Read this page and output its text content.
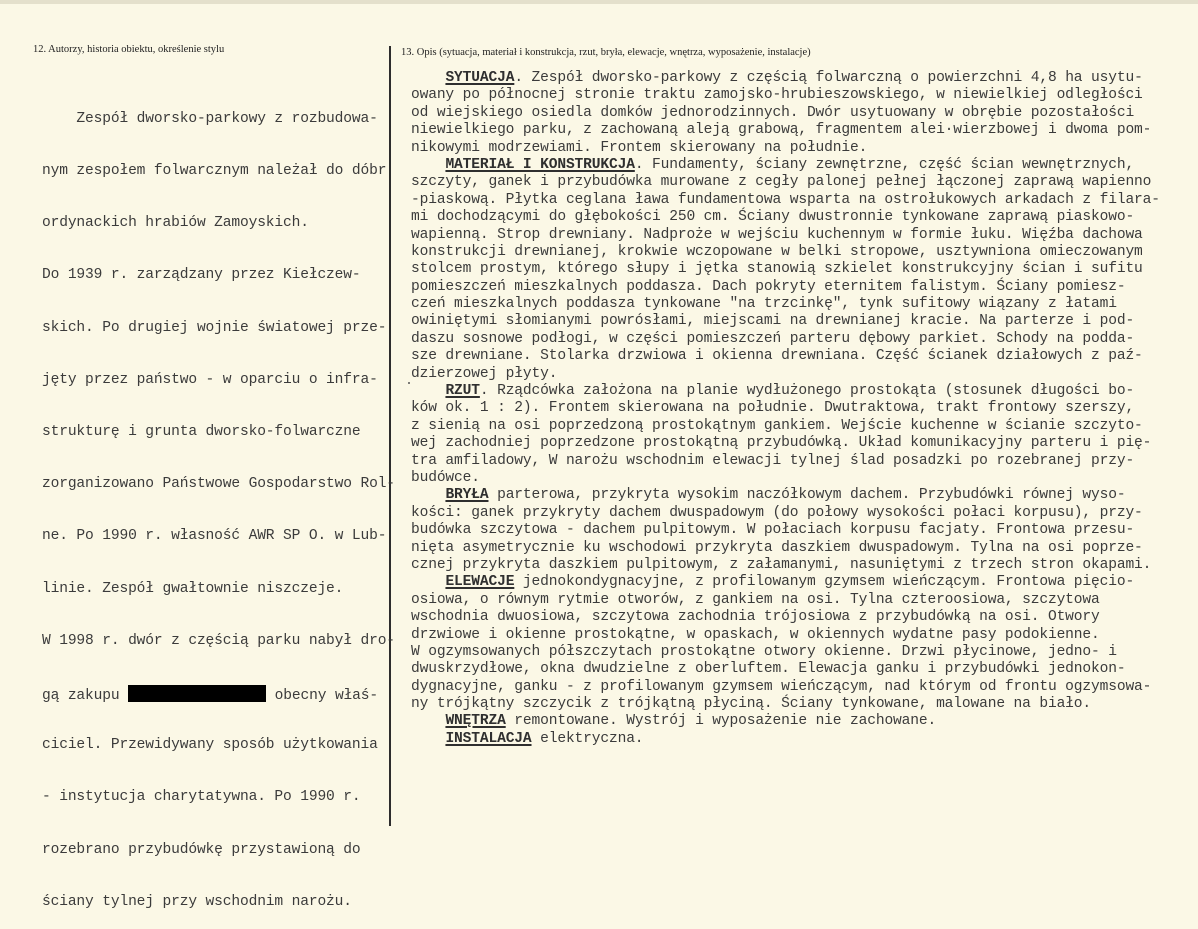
12. Autorzy, historia obiektu, określenie stylu	13. Opis (sytuacja, materiał i konstrukcja, rzut, bryła, elewacje, wnętrza, wyposażenie, instalacje)

Zespół dworsko-parkowy z rozbudowa-

nym zespołem folwarcznym należał do dóbr

ordynackich hrabiów Zamoyskich.

Do 1939 r. zarządzany przez Kiełczew-

skich. Po drugiej wojnie światowej prze-

jęty przez państwo - w oparciu o infra-

strukturę i grunta dworsko-folwarczne

zorganizowano Państwowe Gospodarstwo Rol-

ne. Po 1990 r. własność AWR SP O. w Lub-

linie. Zespół gwałtownie niszczeje.

W 1998 r. dwór z częścią parku nabył dro-

gą zakupu	obecny właś-

ciciel. Przewidywany sposób użytkowania

- instytucja charytatywna. Po 1990 r.

rozebrano przybudówkę przystawioną do

ściany tylnej przy wschodnim narożu.

SYTUACJA. Zespół dworsko-parkowy z częścią folwarczną o powierzchni 4,8 ha usytu-
owany po północnej stronie traktu zamojsko-hrubieszowskiego, w niewielkiej odległości
od wiejskiego osiedla domków jednorodzinnych. Dwór usytuowany w obrębie pozostałości
niewielkiego parku, z zachowaną aleją grabową, fragmentem alei·wierzbowej i dwoma pom-
nikowymi modrzewiami. Frontem skierowany na południe.
MATERIAŁ I KONSTRUKCJA. Fundamenty, ściany zewnętrzne, część ścian wewnętrznych,
szczyty, ganek i przybudówka murowane z cegły palonej pełnej łączonej zaprawą wapienno
-piaskową. Płytka ceglana ława fundamentowa wsparta na ostrołukowych arkadach z filara-
mi dochodzącymi do głębokości 250 cm. Ściany dwustronnie tynkowane zaprawą piaskowo-
wapienną. Strop drewniany. Nadproże w wejściu kuchennym w formie łuku. Więźba dachowa
konstrukcji drewnianej, krokwie wczopowane w belki stropowe, usztywniona omieczowanym
stolcem prostym, którego słupy i jętka stanowią szkielet konstrukcyjny ścian i sufitu
pomieszczeń mieszkalnych poddasza. Dach pokryty eternitem falistym. Ściany pomiesz-
czeń mieszkalnych poddasza tynkowane "na trzcinkę", tynk sufitowy wiązany z łatami
owiniętymi słomianymi powrósłami, miejscami na drewnianej kracie. Na parterze i pod-
daszu sosnowe podłogi, w części pomieszczeń parteru dębowy parkiet. Schody na podda-
sze drewniane. Stolarka drzwiowa i okienna drewniana. Część ścianek działowych z paź-
dzierzowej płyty.
RZUT. Rządcówka założona na planie wydłużonego prostokąta (stosunek długości bo-
ków ok. 1 : 2). Frontem skierowana na południe. Dwutraktowa, trakt frontowy szerszy,
z sienią na osi poprzedzoną prostokątnym gankiem. Wejście kuchenne w ścianie szczyto-
wej zachodniej poprzedzone prostokątną przybudówką. Układ komunikacyjny parteru i pię-
tra amfiladowy, W narożu wschodnim elewacji tylnej ślad posadzki po rozebranej przy-
budówce.
BRYŁA parterowa, przykryta wysokim naczółkowym dachem. Przybudówki równej wyso-
kości: ganek przykryty dachem dwuspadowym (do połowy wysokości połaci korpusu), przy-
budówka szczytowa - dachem pulpitowym. W połaciach korpusu facjaty. Frontowa przesu-
nięta asymetrycznie ku wschodowi przykryta daszkiem dwuspadowym. Tylna na osi poprze-
cznej przykryta daszkiem pulpitowym, z załamanymi, nasuniętymi z trzech stron okapami.
ELEWACJE jednokondygnacyjne, z profilowanym gzymsem wieńczącym. Frontowa pięcio-
osiowa, o równym rytmie otworów, z gankiem na osi. Tylna czteroosiowa, szczytowa
wschodnia dwuosiowa, szczytowa zachodnia trójosiowa z przybudówką na osi. Otwory
drzwiowe i okienne prostokątne, w opaskach, w okiennych wydatne pasy podokienne.
W ogzymsowanych półszczytach prostokątne otwory okienne. Drzwi płycinowe, jedno- i
dwuskrzydłowe, okna dwudzielne z oberluftem. Elewacja ganku i przybudówki jednokon-
dygnacyjne, ganku - z profilowanym gzymsem wieńczącym, nad którym od frontu ogzymsowa-
ny trójkątny szczycik z trójkątną płyciną. Ściany tynkowane, malowane na biało.
WNĘTRZA remontowane. Wystrój i wyposażenie nie zachowane.
INSTALACJA elektryczna.
